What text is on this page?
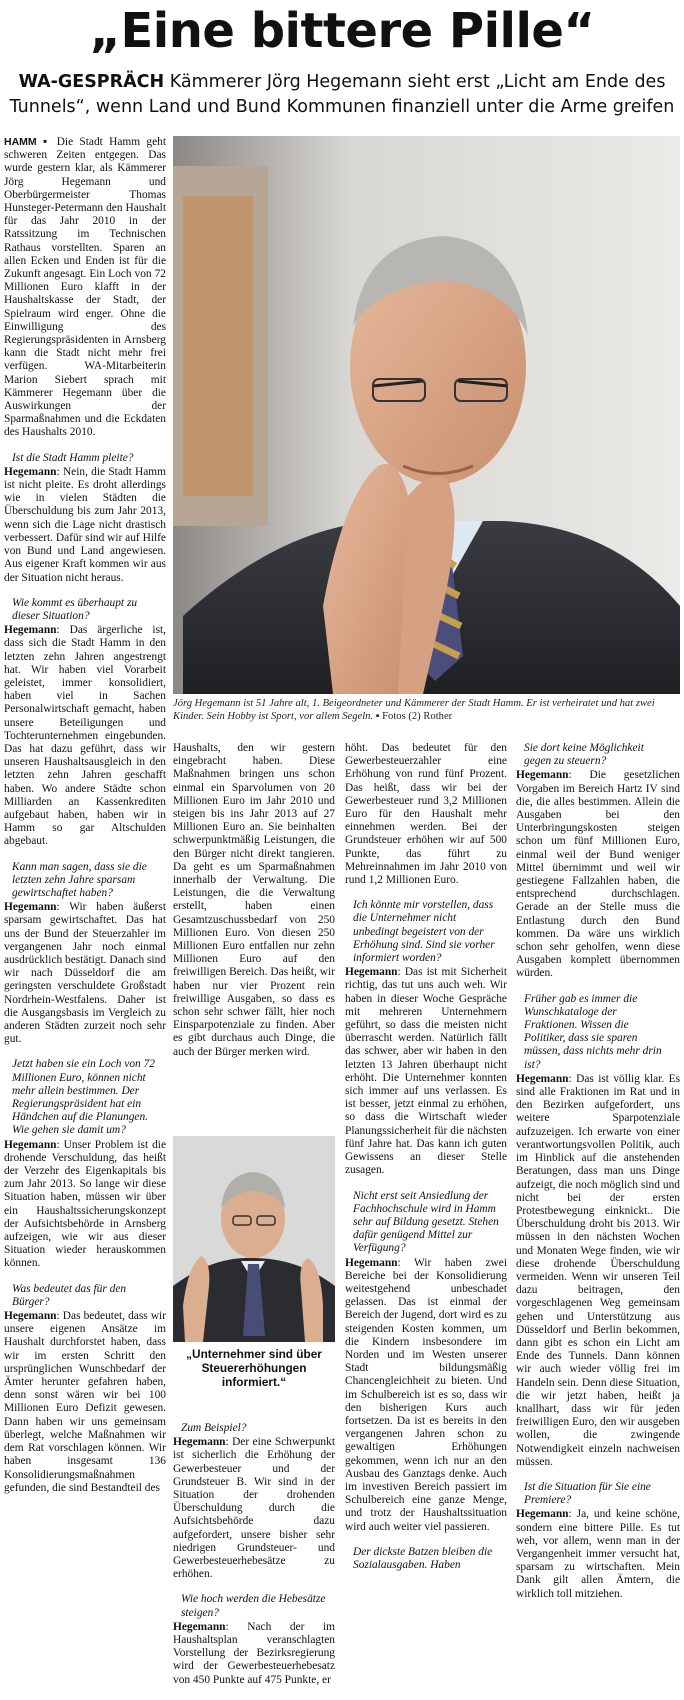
„Eine bittere Pille“
WA-GESPRÄCH Kämmerer Jörg Hegemann sieht erst „Licht am Ende des Tunnels“, wenn Land und Bund Kommunen finanziell unter die Arme greifen

HAMM ▪ Die Stadt Hamm geht schweren Zeiten entgegen. Das wurde gestern klar, als Kämmerer Jörg Hegemann und Oberbürgermeister Thomas Hunsteger-Petermann den Haushalt für das Jahr 2010 in der Ratssitzung im Technischen Rathaus vorstellten. Sparen an allen Ecken und Enden ist für die Zukunft angesagt. Ein Loch von 72 Millionen Euro klafft in der Haushaltskasse der Stadt, der Spielraum wird enger. Ohne die Einwilligung des Regierungspräsidenten in Arnsberg kann die Stadt nicht mehr frei verfügen. WA-Mitarbeiterin Marion Siebert sprach mit Kämmerer Hegemann über die Auswirkungen der Sparmaßnahmen und die Eckdaten des Haushalts 2010.

Ist die Stadt Hamm pleite?

Hegemann: Nein, die Stadt Hamm ist nicht pleite. Es droht allerdings wie in vielen Städten die Überschuldung bis zum Jahr 2013, wenn sich die Lage nicht drastisch verbessert. Dafür sind wir auf Hilfe von Bund und Land angewiesen. Aus eigener Kraft kommen wir aus der Situation nicht heraus.

Wie kommt es überhaupt zu dieser Situation?

Hegemann: Das ärgerliche ist, dass sich die Stadt Hamm in den letzten zehn Jahren angestrengt hat. Wir haben viel Vorarbeit geleistet, immer konsolidiert, haben viel in Sachen Personalwirtschaft gemacht, haben unsere Beteiligungen und Tochterunternehmen eingebunden. Das hat dazu geführt, dass wir unseren Haushaltsausgleich in den letzten zehn Jahren geschafft haben. Wo andere Städte schon Milliarden an Kassenkrediten aufgebaut haben, haben wir in Hamm so gar Altschulden abgebaut.

Kann man sagen, dass sie die letzten zehn Jahre sparsam gewirtschaftet haben?

Hegemann: Wir haben äußerst sparsam gewirtschaftet. Das hat uns der Bund der Steuerzahler im vergangenen Jahr noch einmal ausdrücklich bestätigt. Danach sind wir nach Düsseldorf die am geringsten verschuldete Großstadt Nordrhein-Westfalens. Daher ist die Ausgangsbasis im Vergleich zu anderen Städten zurzeit noch sehr gut.

Jetzt haben sie ein Loch von 72 Millionen Euro, können nicht mehr allein bestimmen. Der Regierungspräsident hat ein Händchen auf die Planungen. Wie gehen sie damit um?

Hegemann: Unser Problem ist die drohende Verschuldung, das heißt der Verzehr des Eigenkapitals bis zum Jahr 2013. So lange wir diese Situation haben, müssen wir über ein Haushaltssicherungskonzept der Aufsichtsbehörde in Arnsberg aufzeigen, wie wir aus dieser Situation wieder herauskommen können.

Was bedeutet das für den Bürger?

Hegemann: Das bedeutet, dass wir unsere eigenen Ansätze im Haushalt durchforstet haben, dass wir im ersten Schritt den ursprünglichen Wunschbedarf der Ämter herunter gefahren haben, denn sonst wären wir bei 100 Millionen Euro Defizit gewesen. Dann haben wir uns gemeinsam überlegt, welche Maßnahmen wir dem Rat vorschlagen können. Wir haben insgesamt 136 Konsolidierungsmaßnahmen gefunden, die sind Bestandteil des

Haushalts, den wir gestern eingebracht haben. Diese Maßnahmen bringen uns schon einmal ein Sparvolumen von 20 Millionen Euro im Jahr 2010 und steigen bis ins Jahr 2013 auf 27 Millionen Euro an. Sie beinhalten schwerpunktmäßig Leistungen, die den Bürger nicht direkt tangieren. Da geht es um Sparmaßnahmen innerhalb der Verwaltung. Die Leistungen, die die Verwaltung erstellt, haben einen Gesamtzuschussbedarf von 250 Millionen Euro. Von diesen 250 Millionen Euro entfallen nur zehn Millionen Euro auf den freiwilligen Bereich. Das heißt, wir haben nur vier Prozent rein freiwillige Ausgaben, so dass es schon sehr schwer fällt, hier noch Einsparpotenziale zu finden. Aber es gibt durchaus auch Dinge, die auch der Bürger merken wird.

Zum Beispiel?

Hegemann: Der eine Schwerpunkt ist sicherlich die Erhöhung der Gewerbesteuer und der Grundsteuer B. Wir sind in der Situation der drohenden Überschuldung durch die Aufsichtsbehörde dazu aufgefordert, unsere bisher sehr niedrigen Grundsteuer- und Gewerbesteuerhebesätze zu erhöhen.

Wie hoch werden die Hebesätze steigen?

Hegemann: Nach der im Haushaltsplan veranschlagten Vorstellung der Bezirksregierung wird der Gewerbesteuerhebesatz von 450 Punkte auf 475 Punkte, er

höht. Das bedeutet für den Gewerbesteuerzahler eine Erhöhung von rund fünf Prozent. Das heißt, dass wir bei der Gewerbesteuer rund 3,2 Millionen Euro für den Haushalt mehr einnehmen werden. Bei der Grundsteuer erhöhen wir auf 500 Punkte, das führt zu Mehreinnahmen im Jahr 2010 von rund 1,2 Millionen Euro.

Ich könnte mir vorstellen, dass die Unternehmer nicht unbedingt begeistert von der Erhöhung sind. Sind sie vorher informiert worden?

Hegemann: Das ist mit Sicherheit richtig, das tut uns auch weh. Wir haben in dieser Woche Gespräche mit mehreren Unternehmern geführt, so dass die meisten nicht überrascht werden. Natürlich fällt das schwer, aber wir haben in den letzten 13 Jahren überhaupt nicht erhöht. Die Unternehmer konnten sich immer auf uns verlassen. Es ist besser, jetzt einmal zu erhöhen, so dass die Wirtschaft wieder Planungssicherheit für die nächsten fünf Jahre hat. Das kann ich guten Gewissens an dieser Stelle zusagen.

Nicht erst seit Ansiedlung der Fachhochschule wird in Hamm sehr auf Bildung gesetzt. Stehen dafür genügend Mittel zur Verfügung?

Hegemann: Wir haben zwei Bereiche bei der Konsolidierung weitestgehend unbeschadet gelassen. Das ist einmal der Bereich der Jugend, dort wird es zu steigenden Kosten kommen, um die Kindern insbesondere im Norden und im Westen unserer Stadt bildungsmäßig Chancengleichheit zu bieten. Und im Schulbereich ist es so, dass wir den bisherigen Kurs auch fortsetzen. Da ist es bereits in den vergangenen Jahren schon zu gewaltigen Erhöhungen gekommen, wenn ich nur an den Ausbau des Ganztags denke. Auch im investiven Bereich passiert im Schulbereich eine ganze Menge, und trotz der Haushaltssituation wird auch weiter viel passieren.

Der dickste Batzen bleiben die Sozialausgaben. Haben

Sie dort keine Möglichkeit gegen zu steuern?

Hegemann: Die gesetzlichen Vorgaben im Bereich Hartz IV sind die, die alles bestimmen. Allein die Ausgaben bei den Unterbringungskosten steigen schon um fünf Millionen Euro, einmal weil der Bund weniger Mittel übernimmt und weil wir gestiegene Fallzahlen haben, die entsprechend durchschlagen. Gerade an der Stelle muss die Entlastung durch den Bund kommen. Da wäre uns wirklich schon sehr geholfen, wenn diese Ausgaben komplett übernommen würden.

Früher gab es immer die Wunschkataloge der Fraktionen. Wissen die Politiker, dass sie sparen müssen, dass nichts mehr drin ist?

Hegemann: Das ist völlig klar. Es sind alle Fraktionen im Rat und in den Bezirken aufgefordert, uns weitere Sparpotenziale aufzuzeigen. Ich erwarte von einer verantwortungsvollen Politik, auch im Hinblick auf die anstehenden Beratungen, dass man uns Dinge aufzeigt, die noch möglich sind und nicht bei der ersten Protestbewegung einknickt.. Die Überschuldung droht bis 2013. Wir müssen in den nächsten Wochen und Monaten Wege finden, wie wir diese drohende Überschuldung vermeiden. Wenn wir unseren Teil dazu beitragen, den vorgeschlagenen Weg gemeinsam gehen und Unterstützung aus Düsseldorf und Berlin bekommen, dann gibt es schon ein Licht am Ende des Tunnels. Dann können wir auch wieder völlig frei im Handeln sein. Denn diese Situation, die wir jetzt haben, heißt ja knallhart, dass wir für jeden freiwilligen Euro, den wir ausgeben wollen, die zwingende Notwendigkeit einzeln nachweisen müssen.

Ist die Situation für Sie eine Premiere?

Hegemann: Ja, und keine schöne, sondern eine bittere Pille. Es tut weh, vor allem, wenn man in der Vergangenheit immer versucht hat, sparsam zu wirtschaften. Mein Dank gilt allen Ämtern, die wirklich toll mitziehen.

Jörg Hegemann ist 51 Jahre alt, 1. Beigeordneter und Kämmerer der Stadt Hamm. Er ist verheiratet und hat zwei Kinder. Sein Hobby ist Sport, vor allem Segeln. ▪ Fotos (2) Rother
„Unternehmer sind über Steuererhöhungen informiert.“
